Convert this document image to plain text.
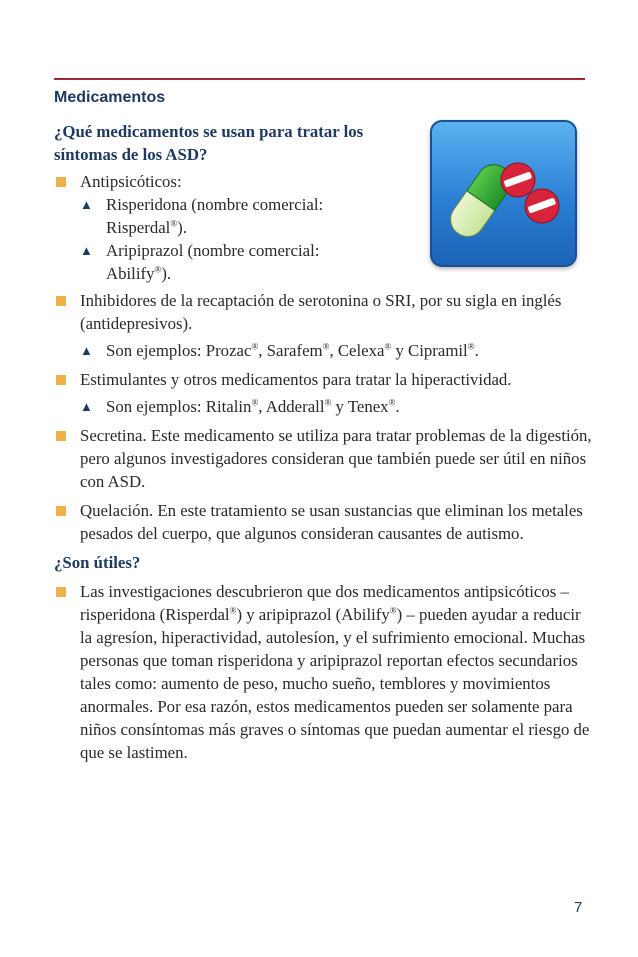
Medicamentos

¿Qué medicamentos se usan para tratar los síntomas de los ASD?

Antipsicóticos:

▲ Risperidona (nombre comercial:
Risperdal®).

▲ Aripiprazol (nombre comercial:
Abilify®).

Inhibidores de la recaptación de serotonina o SRI, por su sigla en inglés (antidepresivos).

▲ Son ejemplos: Prozac®, Sarafem®, Celexa® y Cipramil®.

Estimulantes y otros medicamentos para tratar la hiperactividad.

▲ Son ejemplos: Ritalin®, Adderall® y Tenex®.

Secretina. Este medicamento se utiliza para tratar problemas de la digestión, pero algunos investigadores consideran que también puede ser útil en niños con ASD.

Quelación. En este tratamiento se usan sustancias que eliminan los metales pesados del cuerpo, que algunos consideran causantes de autismo.

¿Son útiles?

Las investigaciones descubrieron que dos medicamentos antipsicóticos – risperidona (Risperdal®) y aripiprazol (Abilify®) – pueden ayudar a reducir la agresíon, hiperactividad, autolesíon, y el sufrimiento emocional. Muchas personas que toman risperidona y aripiprazol reportan efectos secundarios tales como: aumento de peso, mucho sueño, temblores y movimientos anormales. Por esa razón, estos medicamentos pueden ser solamente para niños consíntomas más graves o síntomas que puedan aumentar el riesgo de que se lastimen.

7
